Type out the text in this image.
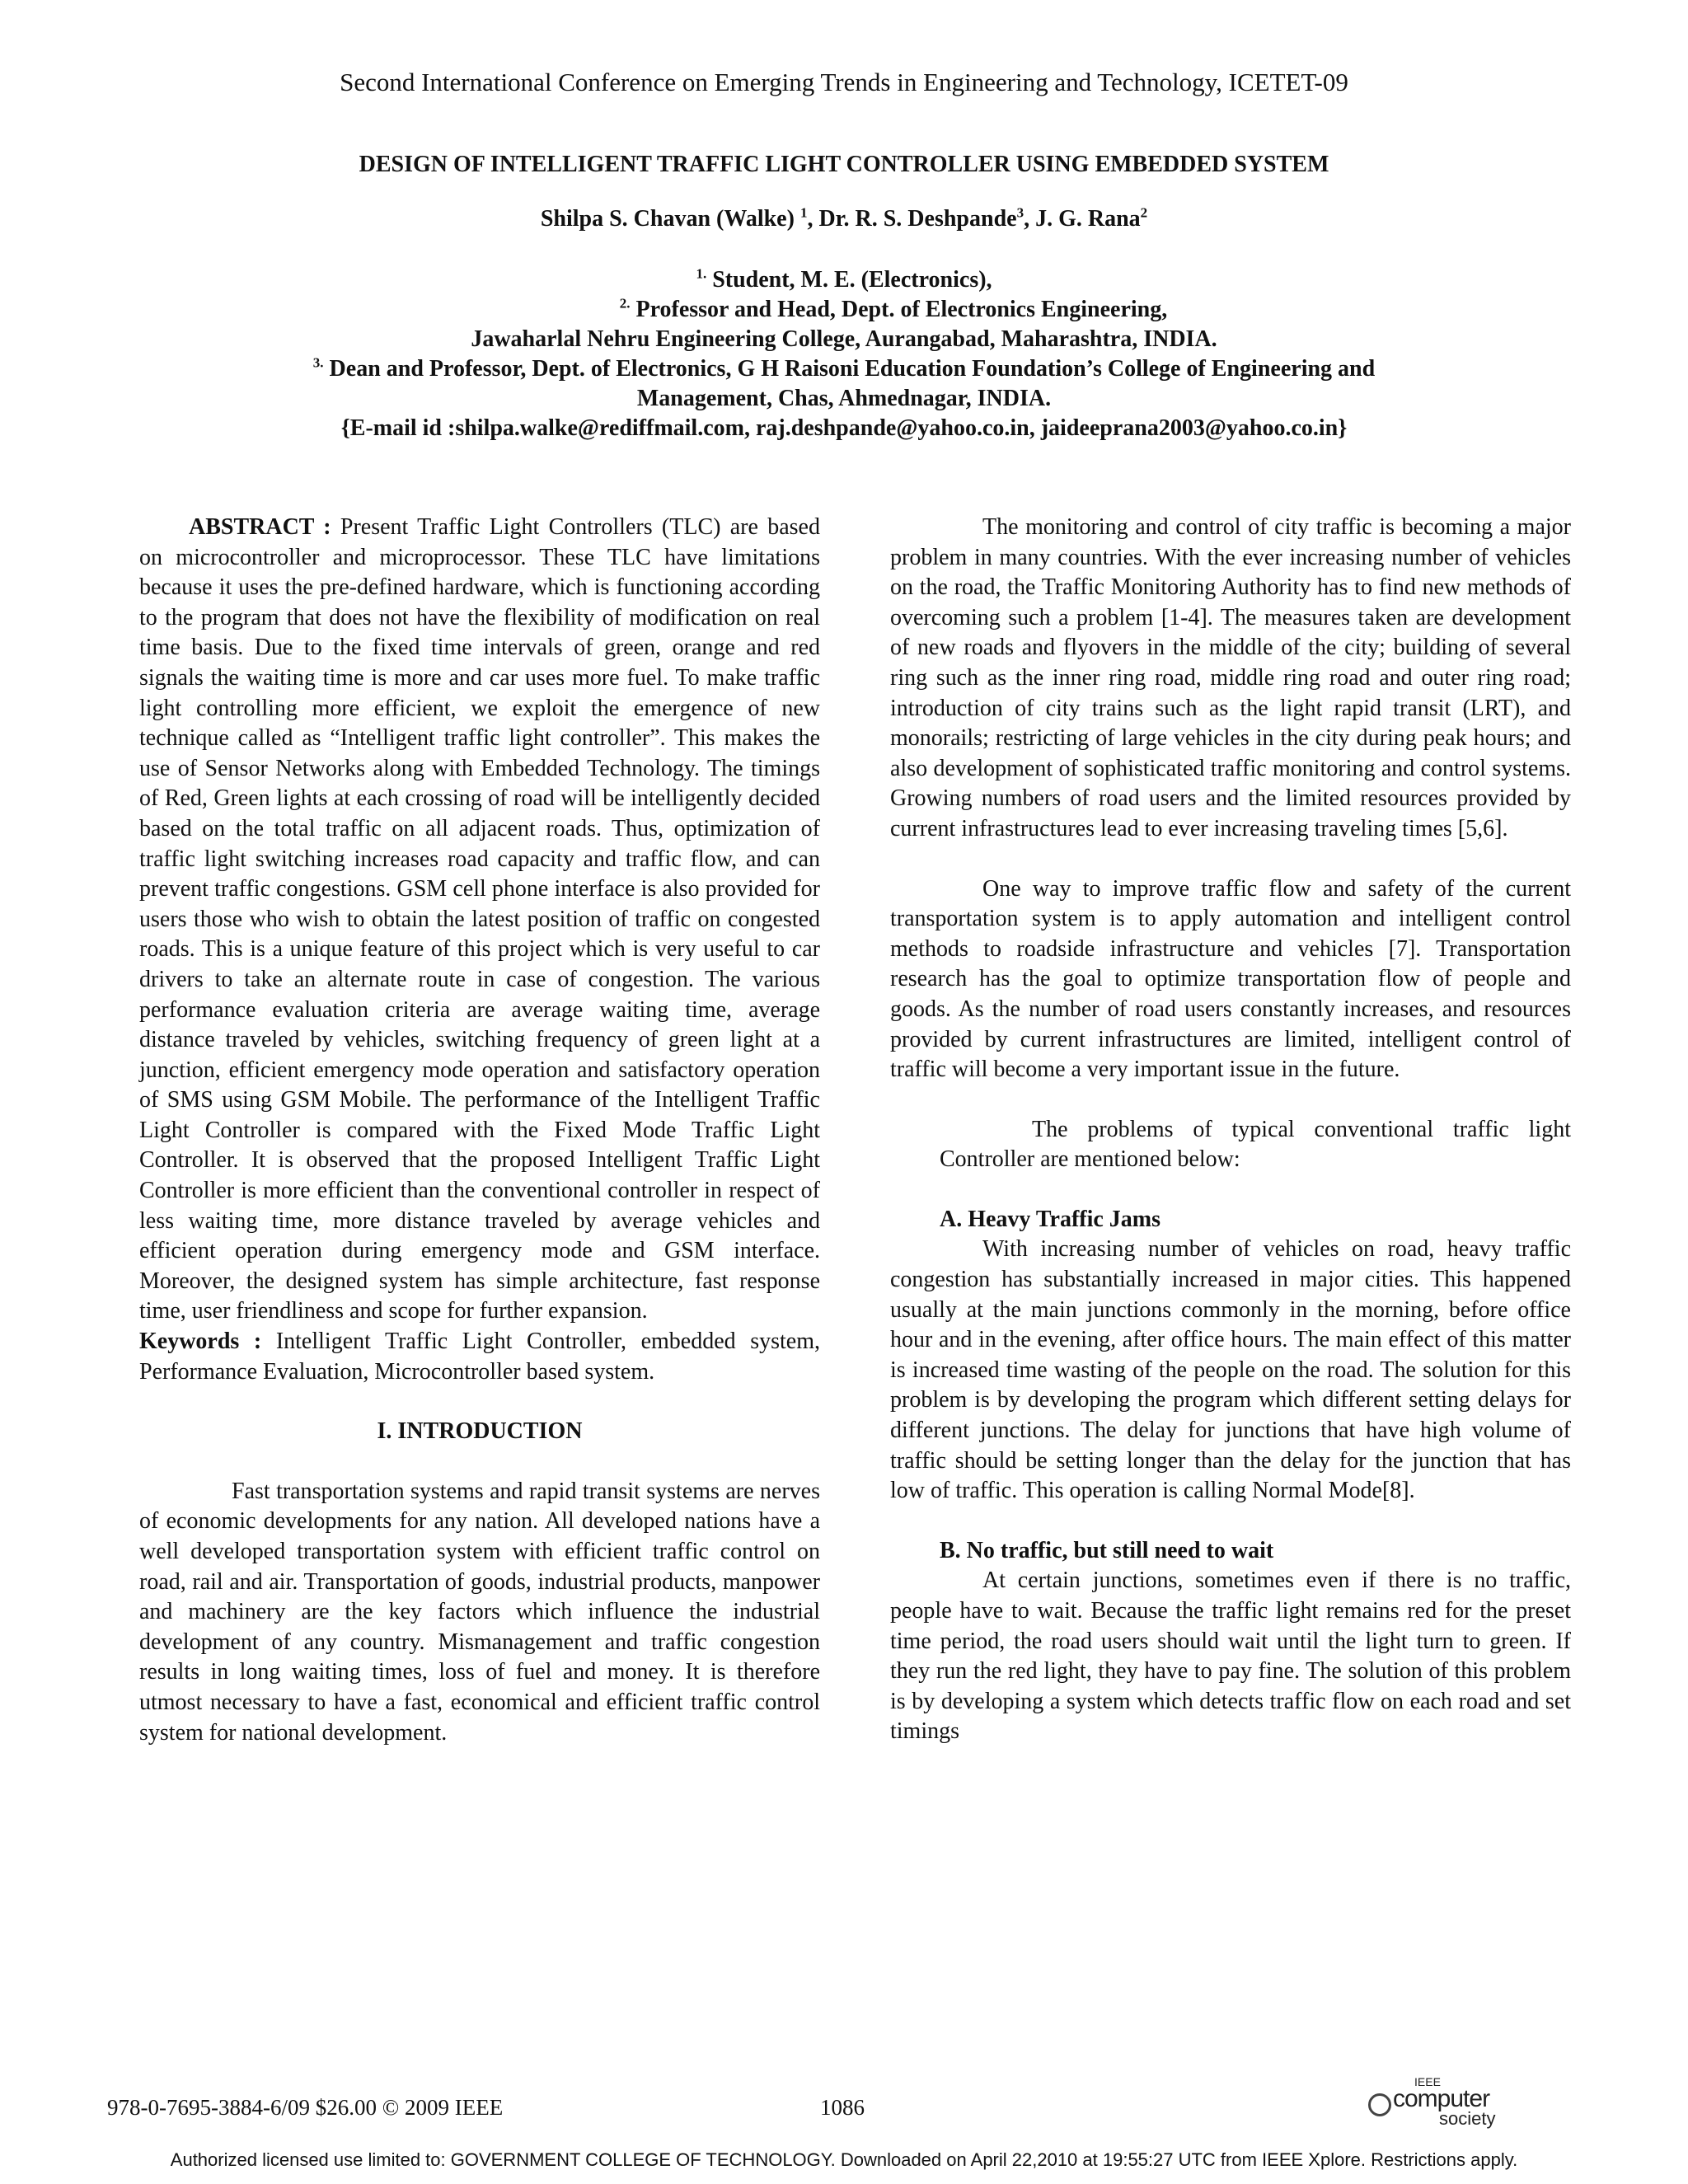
Second International Conference on Emerging Trends in Engineering and Technology, ICETET-09
DESIGN OF INTELLIGENT TRAFFIC LIGHT CONTROLLER USING EMBEDDED SYSTEM
Shilpa S. Chavan (Walke) $^1$, Dr. R. S. Deshpande$^3$, J. G. Rana$^2$
$^{1.}$ Student, M. E. (Electronics),
$^{2.}$ Professor and Head, Dept. of Electronics Engineering,
Jawaharlal Nehru Engineering College, Aurangabad, Maharashtra, INDIA.
$^{3.}$ Dean and Professor, Dept. of Electronics, G H Raisoni Education Foundation’s College of Engineering and
Management, Chas, Ahmednagar, INDIA.
{E-mail id :shilpa.walke@rediffmail.com, raj.deshpande@yahoo.co.in, jaideeprana2003@yahoo.co.in}

ABSTRACT : Present Traffic Light Controllers (TLC) are based on microcontroller and microprocessor. These TLC have limitations because it uses the pre-defined hardware, which is functioning according to the program that does not have the flexibility of modification on real time basis. Due to the fixed time intervals of green, orange and red signals the waiting time is more and car uses more fuel. To make traffic light controlling more efficient, we exploit the emergence of new technique called as “Intelligent traffic light controller”. This makes the use of Sensor Networks along with Embedded Technology. The timings of Red, Green lights at each crossing of road will be intelligently decided based on the total traffic on all adjacent roads. Thus, optimization of traffic light switching increases road capacity and traffic flow, and can prevent traffic congestions. GSM cell phone interface is also provided for users those who wish to obtain the latest position of traffic on congested roads. This is a unique feature of this project which is very useful to car drivers to take an alternate route in case of congestion. The various performance evaluation criteria are average waiting time, average distance traveled by vehicles, switching frequency of green light at a junction, efficient emergency mode operation and satisfactory operation of SMS using GSM Mobile. The performance of the Intelligent Traffic Light Controller is compared with the Fixed Mode Traffic Light Controller. It is observed that the proposed Intelligent Traffic Light Controller is more efficient than the conventional controller in respect of less waiting time, more distance traveled by average vehicles and efficient operation during emergency mode and GSM interface. Moreover, the designed system has simple architecture, fast response time, user friendliness and scope for further expansion.

Keywords : Intelligent Traffic Light Controller, embedded system, Performance Evaluation, Microcontroller based system.

I. INTRODUCTION

Fast transportation systems and rapid transit systems are nerves of economic developments for any nation. All developed nations have a well developed transportation system with efficient traffic control on road, rail and air. Transportation of goods, industrial products, manpower and machinery are the key factors which influence the industrial development of any country. Mismanagement and traffic congestion results in long waiting times, loss of fuel and money. It is therefore utmost necessary to have a fast, economical and efficient traffic control system for national development.

The monitoring and control of city traffic is becoming a major problem in many countries. With the ever increasing number of vehicles on the road, the Traffic Monitoring Authority has to find new methods of overcoming such a problem [1-4]. The measures taken are development of new roads and flyovers in the middle of the city; building of several ring such as the inner ring road, middle ring road and outer ring road; introduction of city trains such as the light rapid transit (LRT), and monorails; restricting of large vehicles in the city during peak hours; and also development of sophisticated traffic monitoring and control systems. Growing numbers of road users and the limited resources provided by current infrastructures lead to ever increasing traveling times [5,6].

One way to improve traffic flow and safety of the current transportation system is to apply automation and intelligent control methods to roadside infrastructure and vehicles [7]. Transportation research has the goal to optimize transportation flow of people and goods. As the number of road users constantly increases, and resources provided by current infrastructures are limited, intelligent control of traffic will become a very important issue in the future.

The problems of typical conventional traffic light Controller are mentioned below:

A. Heavy Traffic Jams

With increasing number of vehicles on road, heavy traffic congestion has substantially increased in major cities. This happened usually at the main junctions commonly in the morning, before office hour and in the evening, after office hours. The main effect of this matter is increased time wasting of the people on the road. The solution for this problem is by developing the program which different setting delays for different junctions. The delay for junctions that have high volume of traffic should be setting longer than the delay for the junction that has low of traffic. This operation is calling Normal Mode[8].

B. No traffic, but still need to wait

At certain junctions, sometimes even if there is no traffic, people have to wait. Because the traffic light remains red for the preset time period, the road users should wait until the light turn to green. If they run the red light, they have to pay fine. The solution of this problem is by developing a system which detects traffic flow on each road and set timings

978-0-7695-3884-6/09 $26.00 © 2009 IEEE	1086
IEEE
computer
society
Authorized licensed use limited to: GOVERNMENT COLLEGE OF TECHNOLOGY. Downloaded on April 22,2010 at 19:55:27 UTC from IEEE Xplore. Restrictions apply.
